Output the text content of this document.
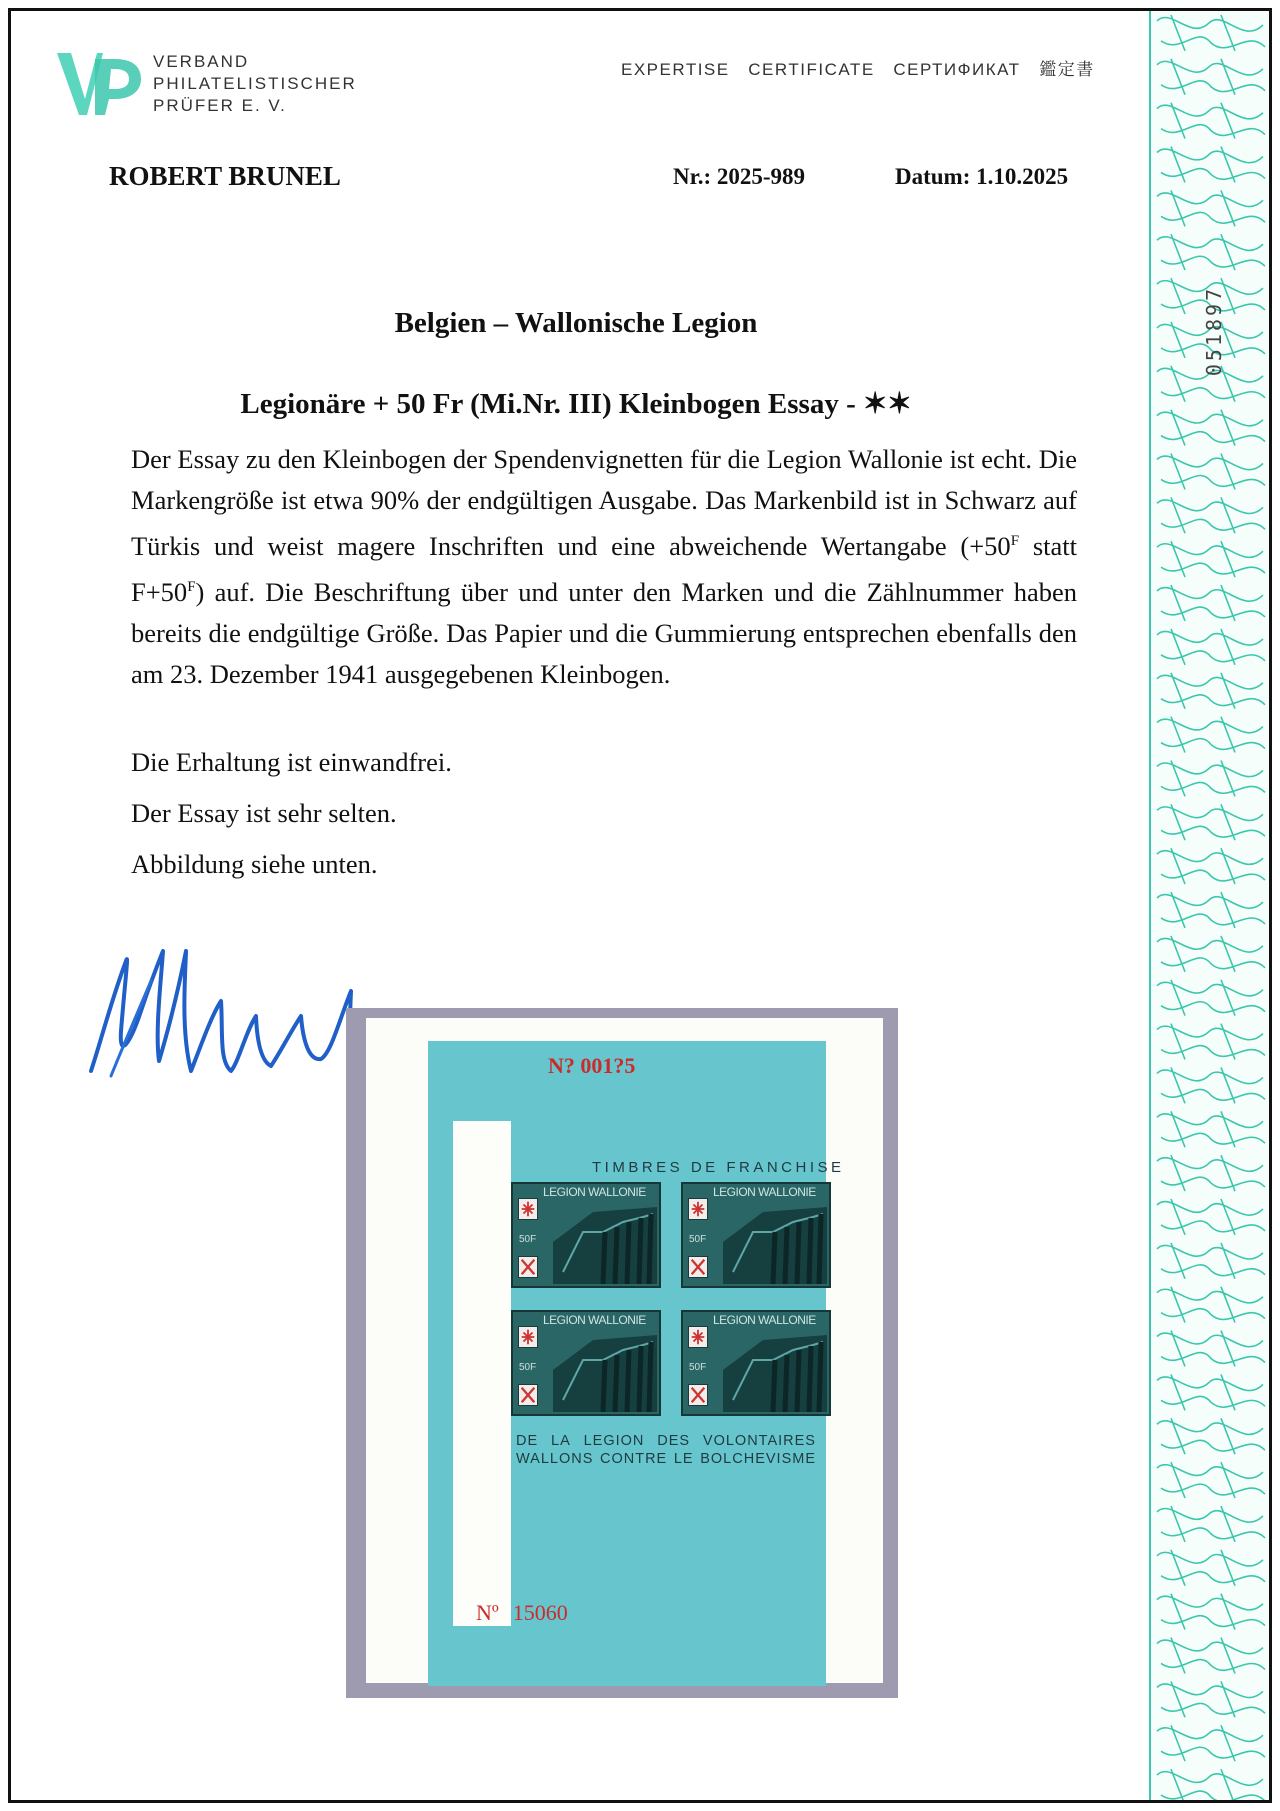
051897
VERBAND
PHILATELISTISCHER
PRÜFER E. V.
EXPERTISE   CERTIFICATE   СЕРТИФИКАТ   鑑定書
ROBERT BRUNEL	Nr.: 2025-989	Datum: 1.10.2025
Belgien – Wallonische Legion
Legionäre + 50 Fr (Mi.Nr. III) Kleinbogen Essay - ✶✶
Der Essay zu den Kleinbogen der Spendenvignetten für die Legion Wallonie ist echt. Die Markengröße ist etwa 90% der endgültigen Ausgabe. Das Markenbild ist in Schwarz auf Türkis und weist magere Inschriften und eine abweichende Wertangabe ($+50^F$ statt $F+50^F$) auf. Die Beschriftung über und unter den Marken und die Zählnummer haben bereits die endgültige Größe. Das Papier und die Gummierung entsprechen ebenfalls den am 23. Dezember 1941 ausgegebenen Kleinbogen.
Die Erhaltung ist einwandfrei.
Der Essay ist sehr selten.
Abbildung siehe unten.
N? 001?5
TIMBRES DE FRANCHISE
LEGION WALLONIE
50F
LEGION WALLONIE
50F
LEGION WALLONIE
50F
LEGION WALLONIE
50F
DE LA LEGION DES VOLONTAIRES
WALLONS CONTRE LE BOLCHEVISME
Nº 15060
